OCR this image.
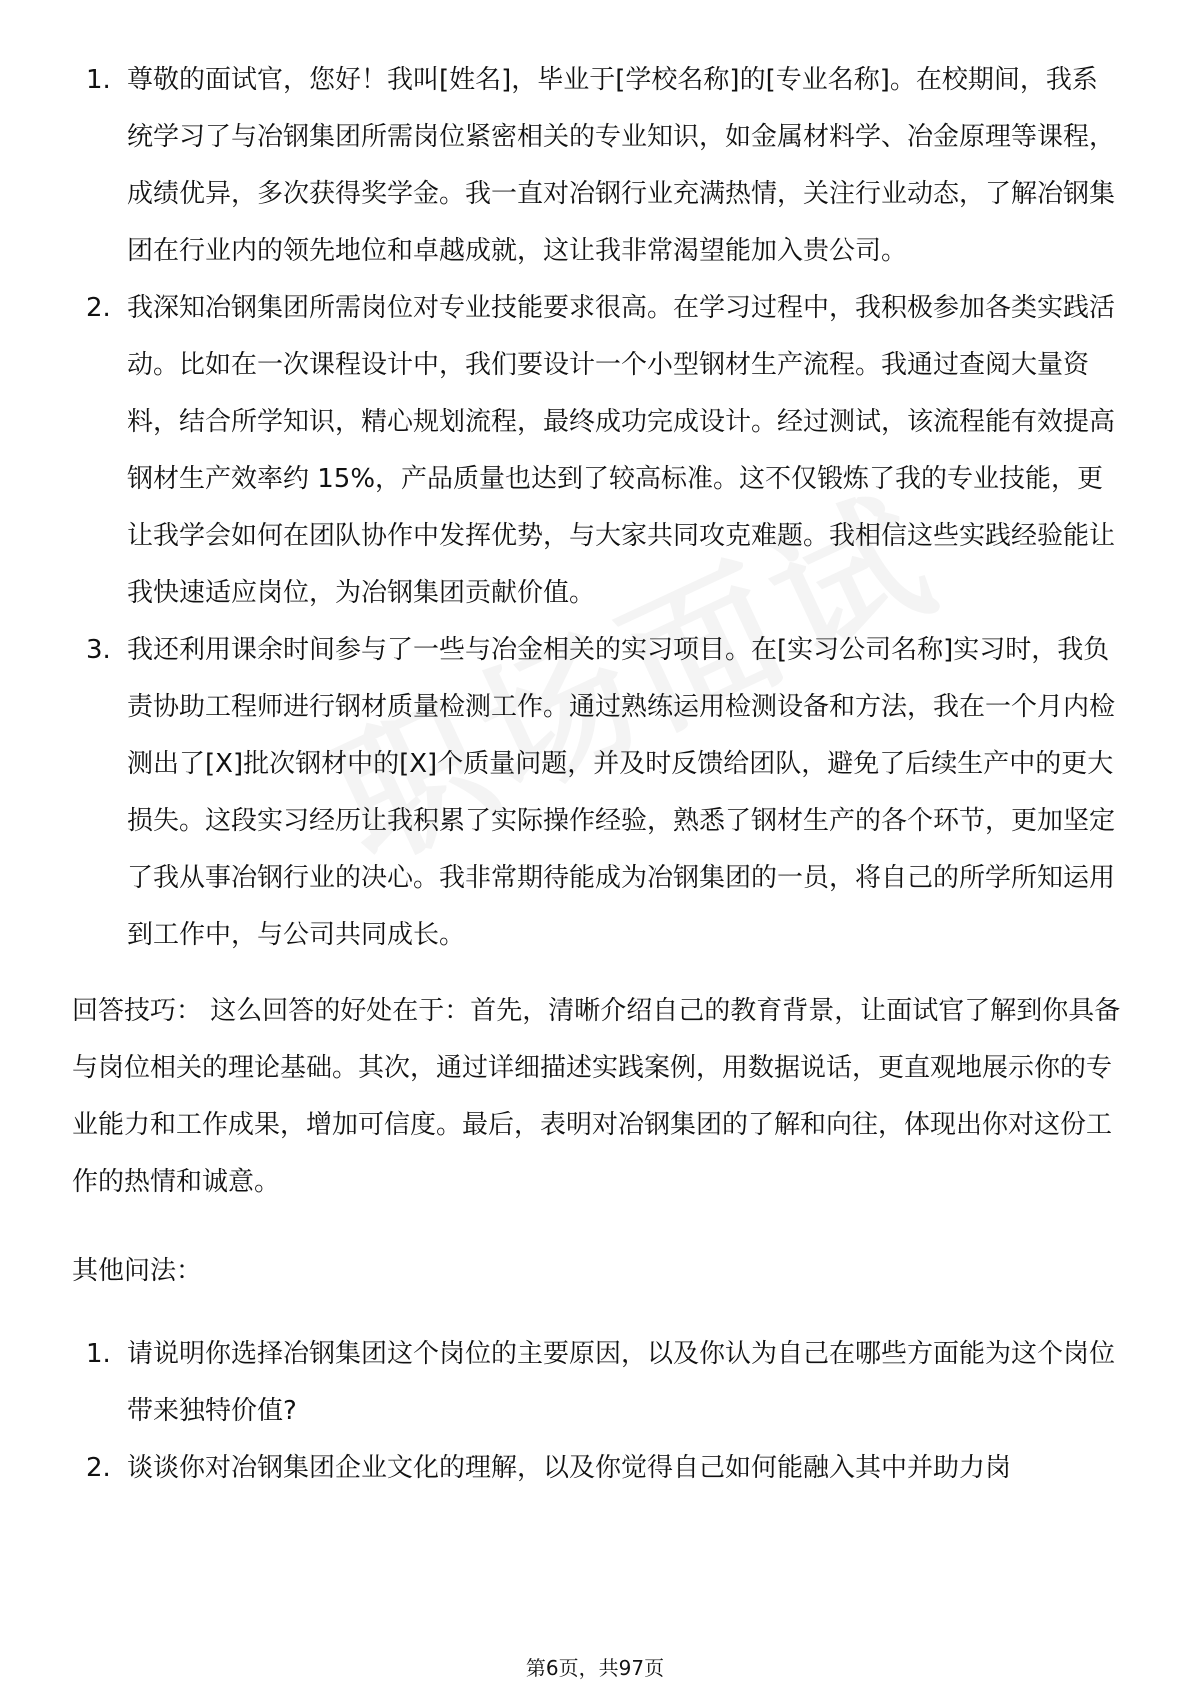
1. 尊敬的面试官，您好！我叫[姓名]，毕业于[学校名称]的[专业名称]。在校期间，我系统学习了与冶钢集团所需岗位紧密相关的专业知识，如金属材料学、冶金原理等课程，成绩优异，多次获得奖学金。我一直对冶钢行业充满热情，关注行业动态，了解冶钢集团在行业内的领先地位和卓越成就，这让我非常渴望能加入贵公司。
2. 我深知冶钢集团所需岗位对专业技能要求很高。在学习过程中，我积极参加各类实践活动。比如在一次课程设计中，我们要设计一个小型钢材生产流程。我通过查阅大量资料，结合所学知识，精心规划流程，最终成功完成设计。经过测试，该流程能有效提高钢材生产效率约 15%，产品质量也达到了较高标准。这不仅锻炼了我的专业技能，更让我学会如何在团队协作中发挥优势，与大家共同攻克难题。我相信这些实践经验能让我快速适应岗位，为冶钢集团贡献价值。
3. 我还利用课余时间参与了一些与冶金相关的实习项目。在[实习公司名称]实习时，我负责协助工程师进行钢材质量检测工作。通过熟练运用检测设备和方法，我在一个月内检测出了[X]批次钢材中的[X]个质量问题，并及时反馈给团队，避免了后续生产中的更大损失。这段实习经历让我积累了实际操作经验，熟悉了钢材生产的各个环节，更加坚定了我从事冶钢行业的决心。我非常期待能成为冶钢集团的一员，将自己的所学所知运用到工作中，与公司共同成长。

回答技巧： 这么回答的好处在于：首先，清晰介绍自己的教育背景，让面试官了解到你具备与岗位相关的理论基础。其次，通过详细描述实践案例，用数据说话，更直观地展示你的专业能力和工作成果，增加可信度。最后，表明对冶钢集团的了解和向往，体现出你对这份工作的热情和诚意。

其他问法：

1. 请说明你选择冶钢集团这个岗位的主要原因，以及你认为自己在哪些方面能为这个岗位带来独特价值?
2. 谈谈你对冶钢集团企业文化的理解，以及你觉得自己如何能融入其中并助力岗
第6页，共97页
